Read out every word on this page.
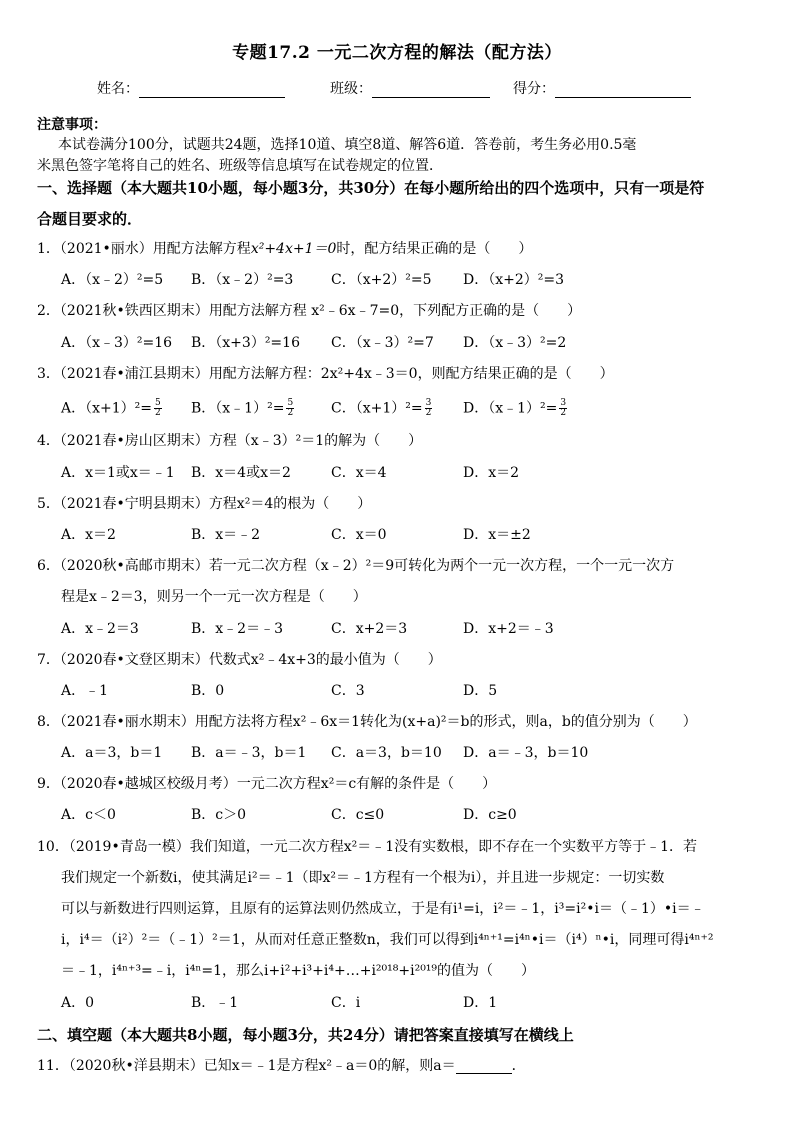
专题17.2 一元二次方程的解法（配方法）
姓名：	班级：	得分：
注意事项：
本试卷满分100分，试题共24题，选择10道、填空8道、解答6道．答卷前，考生务必用0.5毫
米黑色签字笔将自己的姓名、班级等信息填写在试卷规定的位置．
一、选择题（本大题共10小题，每小题3分，共30分）在每小题所给出的四个选项中，只有一项是符
合题目要求的．
1．（2021•丽水）用配方法解方程x²+4x+1＝0时，配方结果正确的是（　　）
A．（x﹣2）²=5 B．（x﹣2）²=3	C．（x+2）²=5 D．（x+2）²=3
2．（2021秋•铁西区期末）用配方法解方程 x²﹣6x﹣7=0，下列配方正确的是（　　）
A．（x﹣3）²=16 B．（x+3）²=16 C．（x﹣3）²=7 D．（x﹣3）²=2
3．（2021春•浦江县期末）用配方法解方程：2x²+4x﹣3＝0，则配方结果正确的是（　　）
A．$(x+1)^2= \frac{5}{2}$ B．（x﹣1）²= $\frac{5}{2}$	C．$(x+1)^2= \frac{3}{2}$ D．（x﹣1）²= $\frac{3}{2}$
4．（2021春•房山区期末）方程（x﹣3）²＝1的解为（　　）
A．x＝1或x＝﹣1 B．x＝4或x＝2	C．x＝4	D．x＝2
5．（2021春•宁明县期末）方程x²＝4的根为（　　）
A．x＝2	B．x＝﹣2	C．x＝0	D．x＝±2
6．（2020秋•高邮市期末）若一元二次方程（x﹣2）²＝9可转化为两个一元一次方程，一个一元一次方
程是x﹣2＝3，则另一个一元一次方程是（　　）
A．x﹣2＝3	B．x﹣2＝﹣3	C．x+2＝3	D．x+2＝﹣3
7．（2020春•文登区期末）代数式x²﹣4x+3的最小值为（　　）
A．﹣1	B．0	C．3	D．5
8．（2021春•丽水期末）用配方法将方程x²﹣6x＝1转化为(x+a)²＝b的形式，则a，b的值分别为（　　）
A．a＝3，b＝1 B．a＝﹣3，b＝1 C．a＝3，b＝10 D．a＝﹣3，b＝10
9．（2020春•越城区校级月考）一元二次方程x²＝c有解的条件是（　　）
A．c＜0	B．c＞0	C．c≤0	D．c≥0
10．（2019•青岛一模）我们知道，一元二次方程x²＝﹣1没有实数根，即不存在一个实数平方等于﹣1．若
我们规定一个新数i，使其满足i²＝﹣1（即x²＝﹣1方程有一个根为i），并且进一步规定：一切实数
可以与新数进行四则运算，且原有的运算法则仍然成立，于是有i¹=i，i²＝﹣1，i³=i²•i＝（﹣1）•i＝﹣
i，i⁴＝（i²）²＝（﹣1）²＝1，从而对任意正整数n，我们可以得到i⁴ⁿ⁺¹=i⁴ⁿ•i＝（i⁴）ⁿ•i，同理可得i⁴ⁿ⁺²
＝﹣1，i⁴ⁿ⁺³=﹣i，i⁴ⁿ=1，那么i+i²+i³+i⁴+…+i²⁰¹⁸+i²⁰¹⁹的值为（　　）
A．0	B．﹣1	C．i	D．1
二、填空题（本大题共8小题，每小题3分，共24分）请把答案直接填写在横线上
11．（2020秋•洋县期末）已知x＝﹣1是方程x²﹣a＝0的解，则a＝	．
